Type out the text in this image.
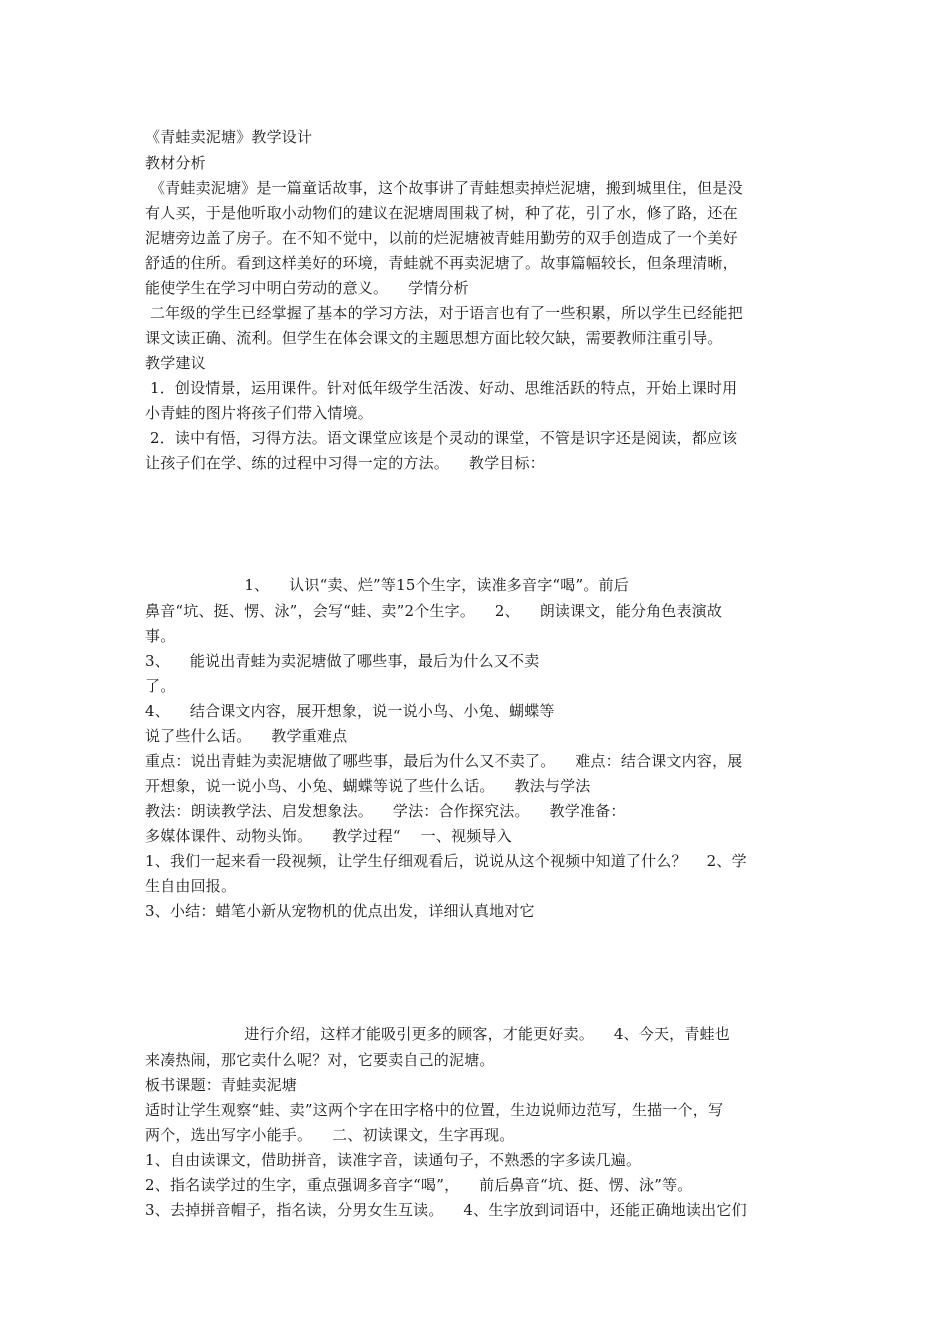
《青蛙卖泥塘》教学设计
教材分析
《青蛙卖泥塘》是一篇童话故事，这个故事讲了青蛙想卖掉烂泥塘，搬到城里住，但是没
有人买，于是他听取小动物们的建议在泥塘周围栽了树，种了花，引了水，修了路，还在
泥塘旁边盖了房子。在不知不觉中，以前的烂泥塘被青蛙用勤劳的双手创造成了一个美好
舒适的住所。看到这样美好的环境，青蛙就不再卖泥塘了。故事篇幅较长，但条理清晰，
能使学生在学习中明白劳动的意义。    学情分析
二年级的学生已经掌握了基本的学习方法，对于语言也有了一些积累，所以学生已经能把
课文读正确、流利。但学生在体会课文的主题思想方面比较欠缺，需要教师注重引导。
教学建议
1．创设情景，运用课件。针对低年级学生活泼、好动、思维活跃的特点，开始上课时用
小青蛙的图片将孩子们带入情境。
2．读中有悟，习得方法。语文课堂应该是个灵动的课堂，不管是识字还是阅读，都应该
让孩子们在学、练的过程中习得一定的方法。    教学目标：
1、    认识“卖、烂”等15个生字，读准多音字“喝”。前后
鼻音“坑、挺、愣、泳”，会写“蛙、卖”2个生字。    2、    朗读课文，能分角色表演故
事。
3、    能说出青蛙为卖泥塘做了哪些事，最后为什么又不卖
了。
4、    结合课文内容，展开想象，说一说小鸟、小兔、蝴蝶等
说了些什么话。    教学重难点
重点：说出青蛙为卖泥塘做了哪些事，最后为什么又不卖了。    难点：结合课文内容，展
开想象，说一说小鸟、小兔、蝴蝶等说了些什么话。    教法与学法
教法：朗读教学法、启发想象法。    学法：合作探究法。    教学准备：
多媒体课件、动物头饰。    教学过程“    一、视频导入
1、我们一起来看一段视频，让学生仔细观看后，说说从这个视频中知道了什么？    2、学
生自由回报。
3、小结：蜡笔小新从宠物机的优点出发，详细认真地对它
进行介绍，这样才能吸引更多的顾客，才能更好卖。    4、今天，青蛙也
来凑热闹，那它卖什么呢？对，它要卖自己的泥塘。
板书课题：青蛙卖泥塘
适时让学生观察“蛙、卖”这两个字在田字格中的位置，生边说师边范写，生描一个，写
两个，选出写字小能手。    二、初读课文，生字再现。
1、自由读课文，借助拼音，读准字音，读通句子，不熟悉的字多读几遍。
2、指名读学过的生字，重点强调多音字“喝”，    前后鼻音“坑、挺、愣、泳”等。
3、去掉拼音帽子，指名读，分男女生互读。    4、生字放到词语中，还能正确地读出它们
